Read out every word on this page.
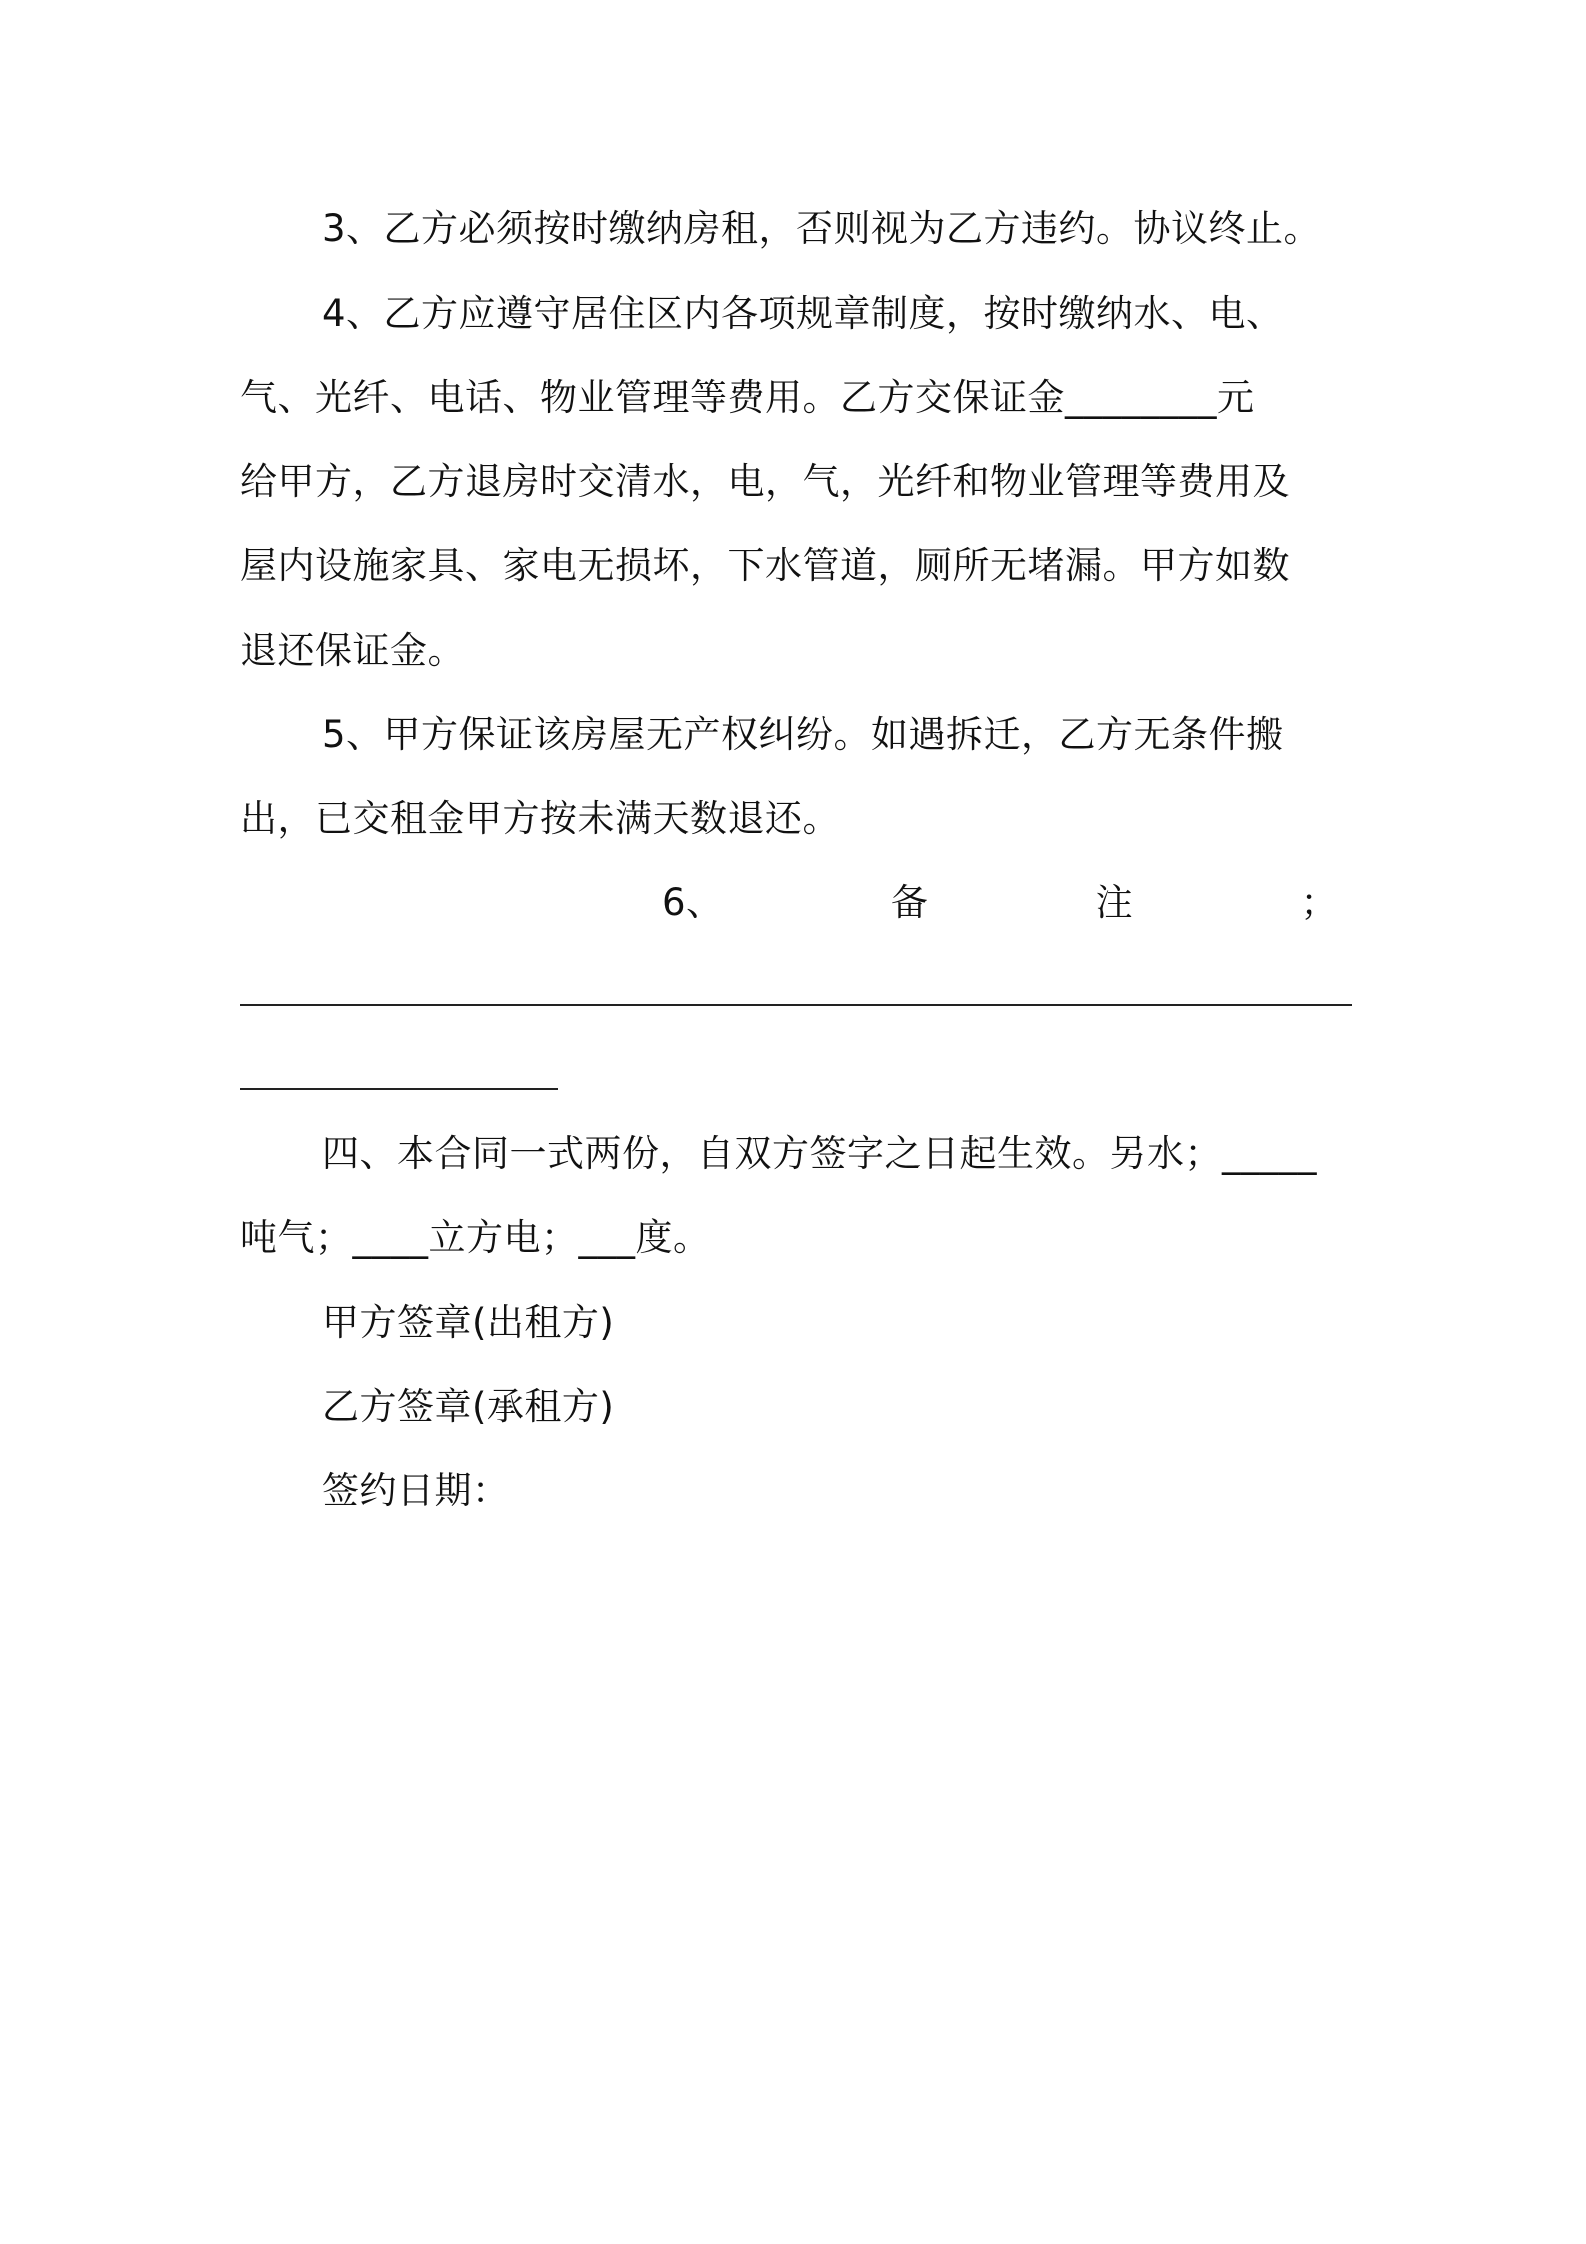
3、乙方必须按时缴纳房租，否则视为乙方违约。协议终止。
4、乙方应遵守居住区内各项规章制度，按时缴纳水、电、
气、光纤、电话、物业管理等费用。乙方交保证金________元
给甲方，乙方退房时交清水，电，气，光纤和物业管理等费用及
屋内设施家具、家电无损坏，下水管道，厕所无堵漏。甲方如数
退还保证金。
5、甲方保证该房屋无产权纠纷。如遇拆迁，乙方无条件搬
出，已交租金甲方按未满天数退还。
6、	备	注	；
四、本合同一式两份，自双方签字之日起生效。另水；_____
吨气；____立方电；___度。
甲方签章(出租方)
乙方签章(承租方)
签约日期：
